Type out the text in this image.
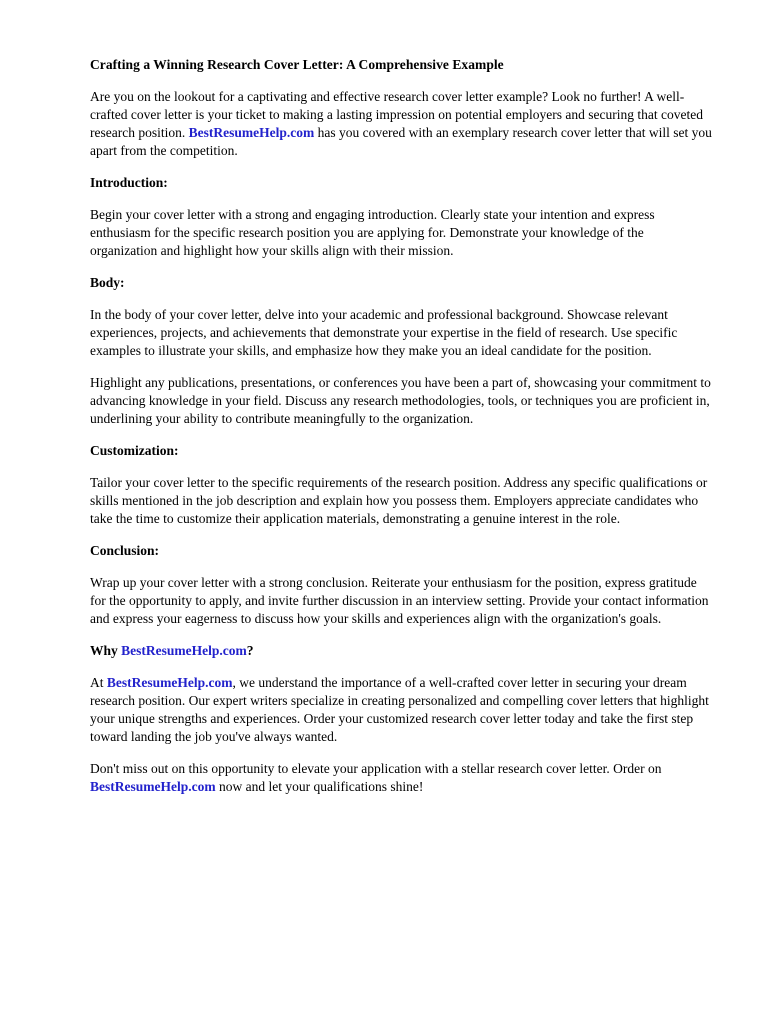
Crafting a Winning Research Cover Letter: A Comprehensive Example

Are you on the lookout for a captivating and effective research cover letter example? Look no further! A well-crafted cover letter is your ticket to making a lasting impression on potential employers and securing that coveted research position. BestResumeHelp.com has you covered with an exemplary research cover letter that will set you apart from the competition.

Introduction:

Begin your cover letter with a strong and engaging introduction. Clearly state your intention and express enthusiasm for the specific research position you are applying for. Demonstrate your knowledge of the organization and highlight how your skills align with their mission.

Body:

In the body of your cover letter, delve into your academic and professional background. Showcase relevant experiences, projects, and achievements that demonstrate your expertise in the field of research. Use specific examples to illustrate your skills, and emphasize how they make you an ideal candidate for the position.

Highlight any publications, presentations, or conferences you have been a part of, showcasing your commitment to advancing knowledge in your field. Discuss any research methodologies, tools, or techniques you are proficient in, underlining your ability to contribute meaningfully to the organization.

Customization:

Tailor your cover letter to the specific requirements of the research position. Address any specific qualifications or skills mentioned in the job description and explain how you possess them. Employers appreciate candidates who take the time to customize their application materials, demonstrating a genuine interest in the role.

Conclusion:

Wrap up your cover letter with a strong conclusion. Reiterate your enthusiasm for the position, express gratitude for the opportunity to apply, and invite further discussion in an interview setting. Provide your contact information and express your eagerness to discuss how your skills and experiences align with the organization's goals.

Why BestResumeHelp.com?

At BestResumeHelp.com, we understand the importance of a well-crafted cover letter in securing your dream research position. Our expert writers specialize in creating personalized and compelling cover letters that highlight your unique strengths and experiences. Order your customized research cover letter today and take the first step toward landing the job you've always wanted.

Don't miss out on this opportunity to elevate your application with a stellar research cover letter. Order on BestResumeHelp.com now and let your qualifications shine!
